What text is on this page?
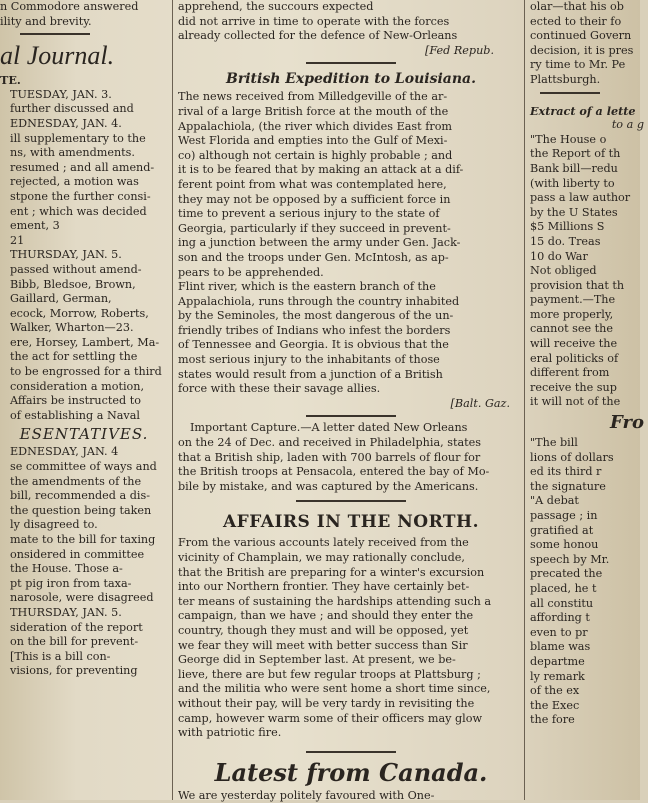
n Commodore answered
ility and brevity.
al Journal.
TE.
TUESDAY, JAN. 3.
further discussed and
EDNESDAY, JAN. 4.
ill supplementary to the
ns, with amendments.
resumed ; and all amend-
rejected, a motion was
stpone the further consi-
ent ; which was decided
ement, 3
21
THURSDAY, JAN. 5.
passed without amend-
Bibb, Bledsoe, Brown,
Gaillard, German,
ecock, Morrow, Roberts,
Walker, Wharton—23.
ere, Horsey, Lambert, Ma-
the act for settling the
to be engrossed for a third
consideration a motion,
Affairs be instructed to
of establishing a Naval
ESENTATIVES.
EDNESDAY, JAN. 4
se committee of ways and
the amendments of the
bill, recommended a dis-
the question being taken
ly disagreed to.
mate to the bill for taxing
onsidered in committee
the House. Those a-
pt pig iron from taxa-
narosole, were disagreed
THURSDAY, JAN. 5.
sideration of the report
on the bill for prevent-
[This is a bill con-
visions, for preventing
apprehend, the succours expected
did not arrive in time to operate with the forces
already collected for the defence of New-Orleans
[Fed Repub.
British Expedition to Louisiana.
The news received from Milledgeville of the ar-
rival of a large British force at the mouth of the
Appalachiola, (the river which divides East from
West Florida and empties into the Gulf of Mexi-
co) although not certain is highly probable ; and
it is to be feared that by making an attack at a dif-
ferent point from what was contemplated here,
they may not be opposed by a sufficient force in
time to prevent a serious injury to the state of
Georgia, particularly if they succeed in prevent-
ing a junction between the army under Gen. Jack-
son and the troops under Gen. McIntosh, as ap-
pears to be apprehended.
Flint river, which is the eastern branch of the
Appalachiola, runs through the country inhabited
by the Seminoles, the most dangerous of the un-
friendly tribes of Indians who infest the borders
of Tennessee and Georgia. It is obvious that the
most serious injury to the inhabitants of those
states would result from a junction of a British
force with these their savage allies.
[Balt. Gaz.
Important Capture.—A letter dated New Orleans
on the 24 of Dec. and received in Philadelphia, states
that a British ship, laden with 700 barrels of flour for
the British troops at Pensacola, entered the bay of Mo-
bile by mistake, and was captured by the Americans.
AFFAIRS IN THE NORTH.
From the various accounts lately received from the
vicinity of Champlain, we may rationally conclude,
that the British are preparing for a winter's excursion
into our Northern frontier. They have certainly bet-
ter means of sustaining the hardships attending such a
campaign, than we have ; and should they enter the
country, though they must and will be opposed, yet
we fear they will meet with better success than Sir
George did in September last. At present, we be-
lieve, there are but few regular troops at Plattsburg ;
and the militia who were sent home a short time since,
without their pay, will be very tardy in revisiting the
camp, however warm some of their officers may glow
with patriotic fire.
Latest from Canada.
We are yesterday politely favoured with One-
olar—that his ob
ected to their fo
continued Govern
decision, it is pres
ry time to Mr. Pe
Plattsburgh.
Extract of a lette
to a g
"The House o
the Report of th
Bank bill—redu
(with liberty to
pass a law author
by the U States
$5 Millions S
15 do. Treas
10 do War
Not obliged
provision that th
payment.—The
more properly,
cannot see the
will receive the
eral politicks of
different from
receive the sup
it will not of the
Fro
"The bill
lions of dollars
ed its third r
the signature
"A debat
passage ; in
gratified at
some honou
speech by Mr.
precated the
placed, he t
all constitu
affording t
even to pr
blame was
departme
ly remark
of the ex
the Exec
the fore
